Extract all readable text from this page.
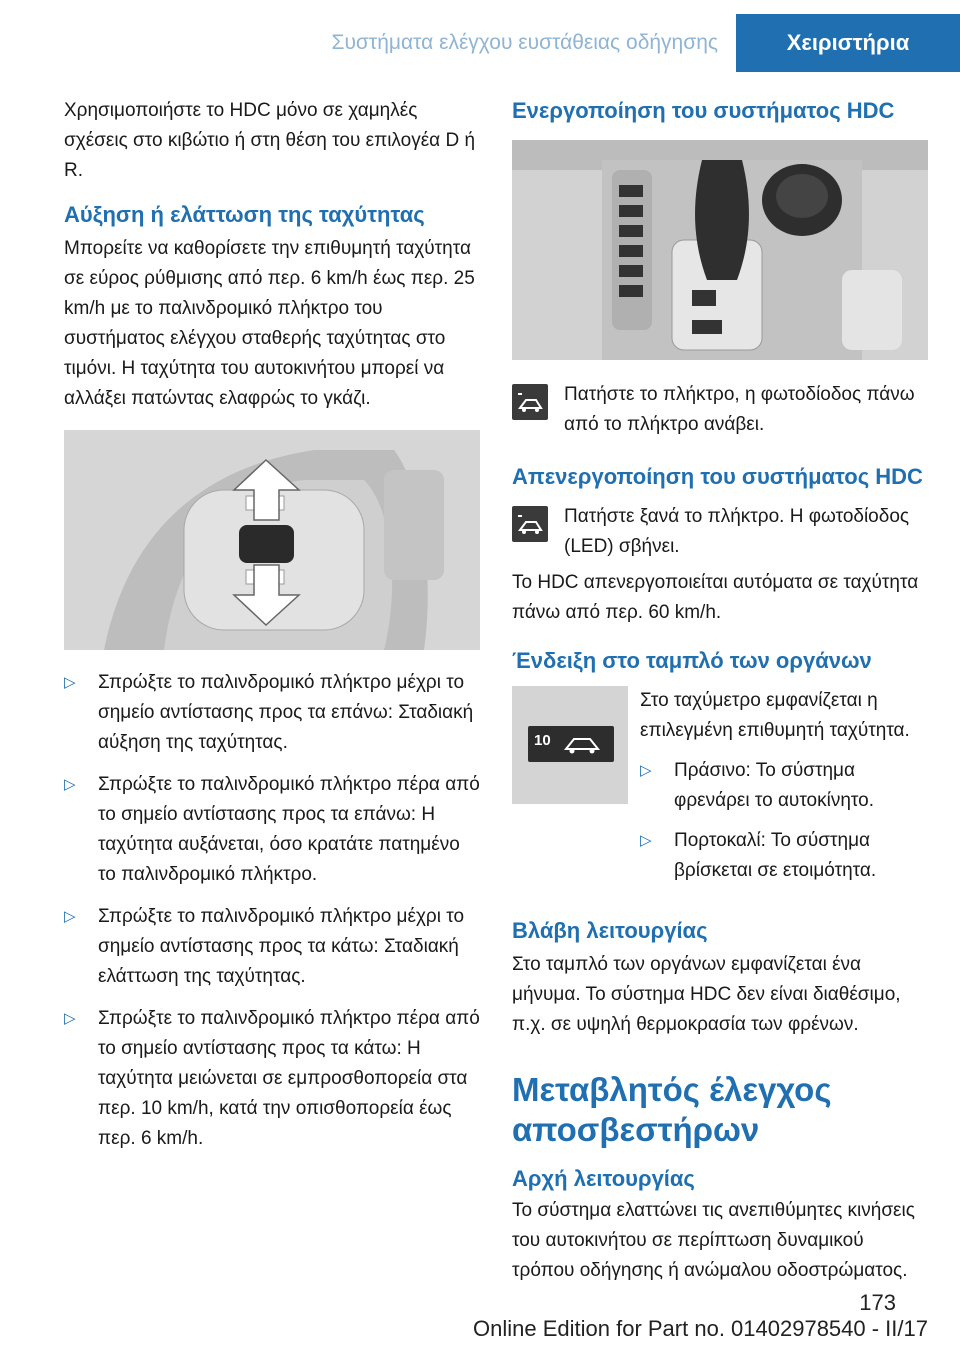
Συστήματα ελέγχου ευστάθειας οδήγησης	Χειριστήρια

Χρησιμοποιήστε το HDC μόνο σε χαμηλές σχέσεις στο κιβώτιο ή στη θέση του επιλογέα D ή R.

Αύξηση ή ελάττωση της ταχύτητας

Μπορείτε να καθορίσετε την επιθυμητή ταχύτητα σε εύρος ρύθμισης από περ. 6 km/h έως περ. 25 km/h με το παλινδρομικό πλήκτρο του συστήματος ελέγχου σταθερής ταχύτητας στο τιμόνι. Η ταχύτητα του αυτοκινήτου μπορεί να αλλάξει πατώντας ελαφρώς το γκάζι.

▷	Σπρώξτε το παλινδρομικό πλήκτρο μέχρι το σημείο αντίστασης προς τα επάνω: Σταδιακή αύξηση της ταχύτητας.
▷	Σπρώξτε το παλινδρομικό πλήκτρο πέρα από το σημείο αντίστασης προς τα επάνω: Η ταχύτητα αυξάνεται, όσο κρατάτε πατημένο το παλινδρομικό πλήκτρο.
▷	Σπρώξτε το παλινδρομικό πλήκτρο μέχρι το σημείο αντίστασης προς τα κάτω: Σταδιακή ελάττωση της ταχύτητας.
▷	Σπρώξτε το παλινδρομικό πλήκτρο πέρα από το σημείο αντίστασης προς τα κάτω: Η ταχύτητα μειώνεται σε εμπροσθοπορεία στα περ. 10 km/h, κατά την οπισθοπορεία έως περ. 6 km/h.
Ενεργοποίηση του συστήματος HDC

Πατήστε το πλήκτρο, η φωτοδίοδος πάνω από το πλήκτρο ανάβει.

Απενεργοποίηση του συστήματος HDC

Πατήστε ξανά το πλήκτρο. Η φωτοδίοδος (LED) σβήνει.

Το HDC απενεργοποιείται αυτόματα σε ταχύτητα πάνω από περ. 60 km/h.

Ένδειξη στο ταμπλό των οργάνων
10

Στο ταχύμετρο εμφανίζεται η επιλεγμένη επιθυμητή ταχύτητα.

▷	Πράσινο: Το σύστημα φρενάρει το αυτοκίνητο.
▷	Πορτοκαλί: Το σύστημα βρίσκεται σε ετοιμότητα.
Βλάβη λειτουργίας

Στο ταμπλό των οργάνων εμφανίζεται ένα μήνυμα. Το σύστημα HDC δεν είναι διαθέσιμο, π.χ. σε υψηλή θερμοκρασία των φρένων.

Μεταβλητός έλεγχος αποσβεστήρων
Αρχή λειτουργίας

Το σύστημα ελαττώνει τις ανεπιθύμητες κινήσεις του αυτοκινήτου σε περίπτωση δυναμικού τρόπου οδήγησης ή ανώμαλου οδοστρώματος.

173
Online Edition for Part no. 01402978540 - II/17
